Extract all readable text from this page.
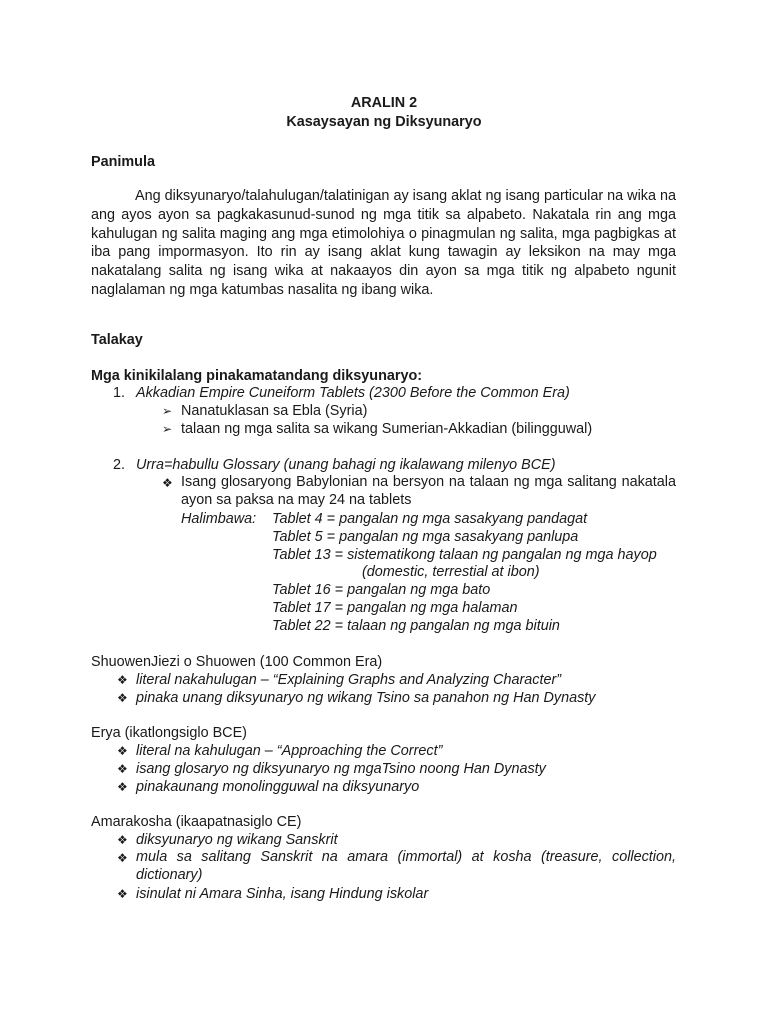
ARALIN 2
Kasaysayan ng Diksyunaryo
Panimula
Ang diksyunaryo/talahulugan/talatinigan ay isang aklat ng isang particular na wika na ang ayos ayon sa pagkakasunud-sunod ng mga titik sa alpabeto. Nakatala rin ang mga kahulugan ng salita maging ang mga etimolohiya o pinagmulan ng salita, mga pagbigkas at iba pang impormasyon. Ito rin ay isang aklat kung tawagin ay leksikon na may mga nakatalang salita ng isang wika at nakaayos din ayon sa mga titik ng alpabeto ngunit naglalaman ng mga katumbas nasalita ng ibang wika.
Talakay
Mga kinikilalang pinakamatandang diksyunaryo:
1. Akkadian Empire Cuneiform Tablets (2300 Before the Common Era)
➢ Nanatuklasan sa Ebla (Syria)
➢ talaan ng mga salita sa wikang Sumerian-Akkadian (bilingguwal)
2. Urra=habullu Glossary (unang bahagi ng ikalawang milenyo BCE)
❖ Isang glosaryong Babylonian na bersyon na talaan ng mga salitang nakatala ayon sa paksa na may 24 na tablets
Halimbawa: Tablet 4 = pangalan ng mga sasakyang pandagat
Tablet 5 = pangalan ng mga sasakyang panlupa
Tablet 13 = sistematikong talaan ng pangalan ng mga hayop
(domestic, terrestial at ibon)
Tablet 16 = pangalan ng mga bato
Tablet 17 = pangalan ng mga halaman
Tablet 22 = talaan ng pangalan ng mga bituin
ShuowenJiezi o Shuowen (100 Common Era)
❖ literal nakahulugan – “Explaining Graphs and Analyzing Character”
❖ pinaka unang diksyunaryo ng wikang Tsino sa panahon ng Han Dynasty
Erya (ikatlongsiglo BCE)
❖ literal na kahulugan – “Approaching the Correct”
❖ isang glosaryo ng diksyunaryo ng mgaTsino noong Han Dynasty
❖ pinakaunang monolingguwal na diksyunaryo
Amarakosha (ikaapatnasiglo CE)
❖ diksyunaryo ng wikang Sanskrit
❖ mula sa salitang Sanskrit na amara (immortal) at kosha (treasure, collection, dictionary)
❖ isinulat ni Amara Sinha, isang Hindung iskolar
